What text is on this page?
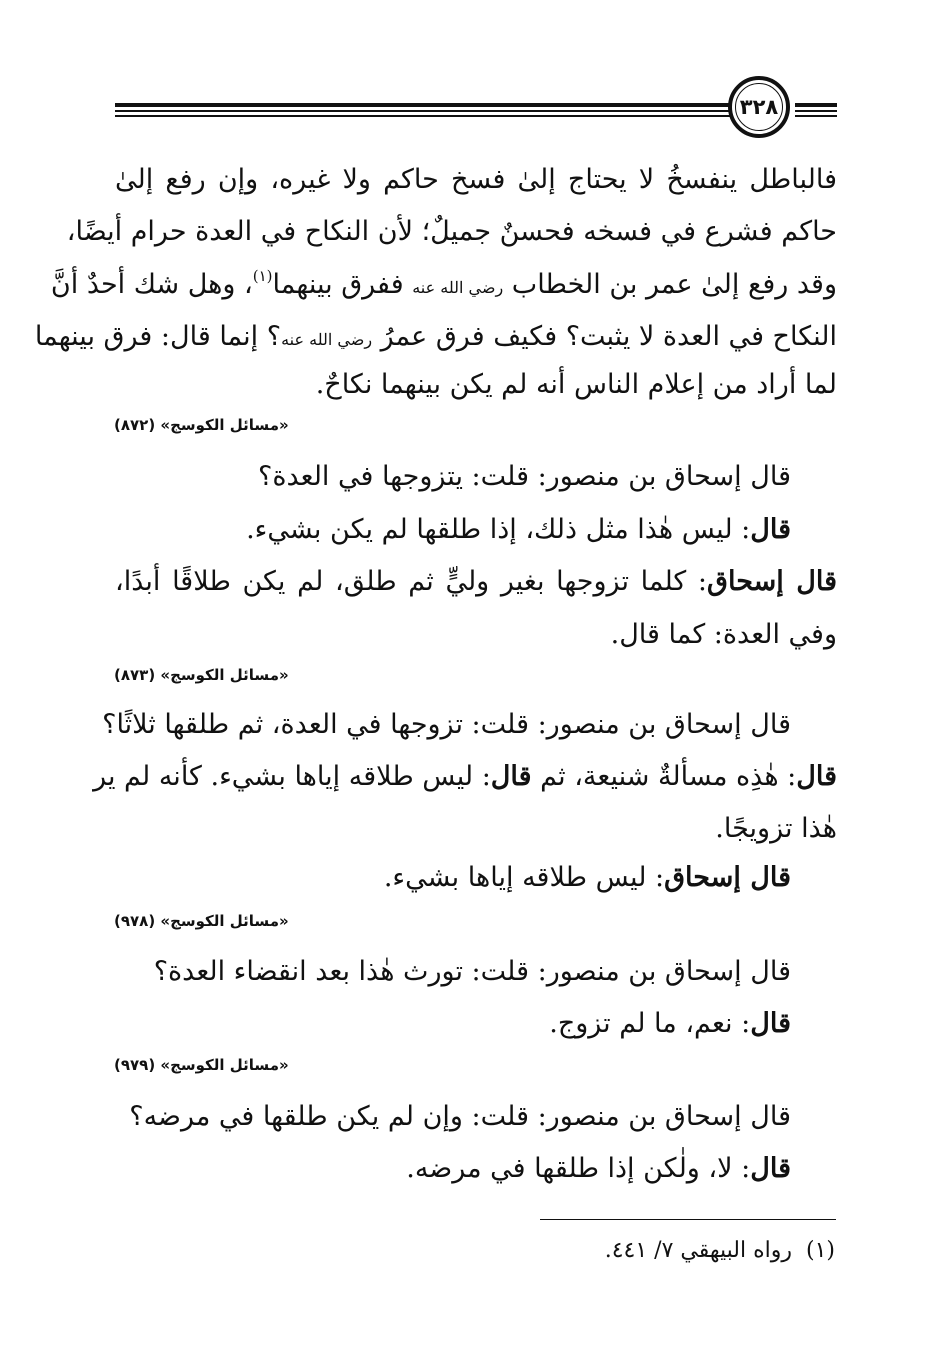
٣٢٨

فالباطل ينفسخُ لا يحتاج إلىٰ فسخ حاكم ولا غيره، وإن رفع إلىٰ

حاكم فشرع في فسخه فحسنٌ جميلٌ؛ لأن النكاح في العدة حرام أيضًا،

وقد رفع إلىٰ عمر بن الخطاب رضي الله عنه ففرق بينهما$^{(١)}$، وهل شك أحدٌ أنَّ

النكاح في العدة لا يثبت؟ فكيف فرق عمرُ رضي الله عنه؟ إنما قال: فرق بينهما

لما أراد من إعلام الناس أنه لم يكن بينهما نكاحٌ.

«مسائل الكوسج» (٨٧٢)

قال إسحاق بن منصور: قلت: يتزوجها في العدة؟

قال: ليس هٰذا مثل ذلك، إذا طلقها لم يكن بشيء.

قال إسحاق: كلما تزوجها بغير وليٍّ ثم طلق، لم يكن طلاقًا أبدًا،

وفي العدة: كما قال.

«مسائل الكوسج» (٨٧٣)

قال إسحاق بن منصور: قلت: تزوجها في العدة، ثم طلقها ثلاثًا؟

قال: هٰذِه مسألةٌ شنيعة، ثم قال: ليس طلاقه إياها بشيء. كأنه لم ير

هٰذا تزويجًا.

قال إسحاق: ليس طلاقه إياها بشيء.

«مسائل الكوسج» (٩٧٨)

قال إسحاق بن منصور: قلت: تورث هٰذا بعد انقضاء العدة؟

قال: نعم، ما لم تزوج.

«مسائل الكوسج» (٩٧٩)

قال إسحاق بن منصور: قلت: وإن لم يكن طلقها في مرضه؟

قال: لا، ولٰكن إذا طلقها في مرضه.

(١)  رواه البيهقي ٧/ ٤٤١.
